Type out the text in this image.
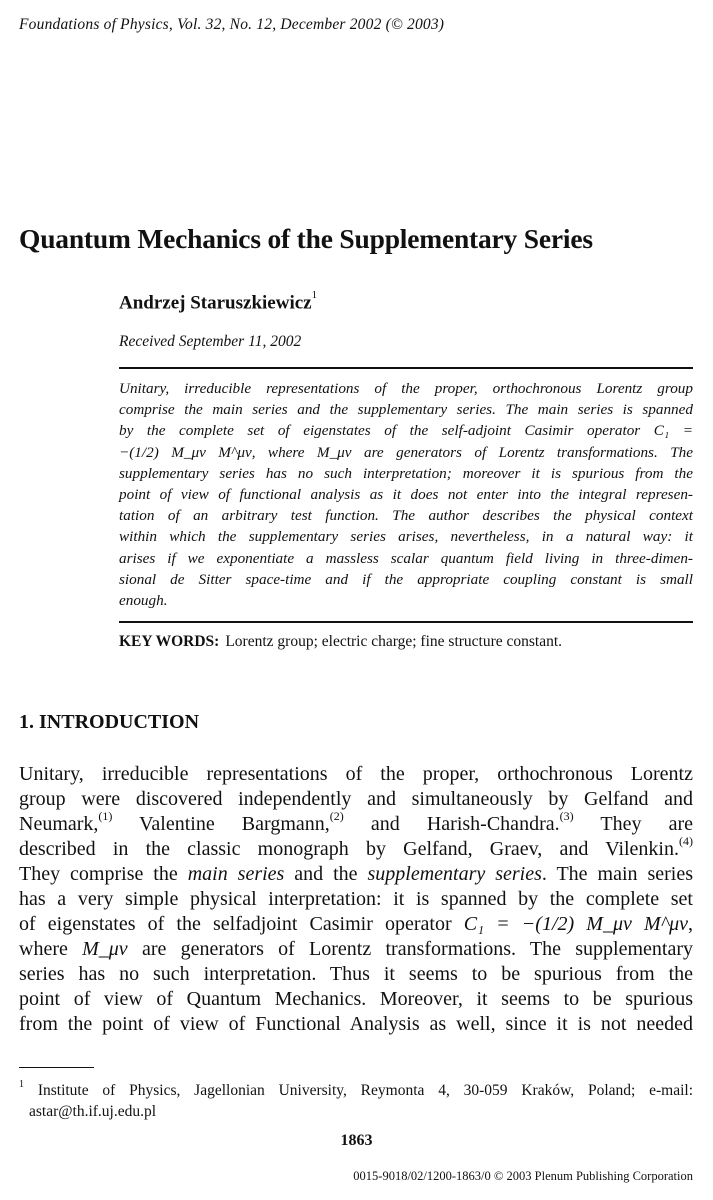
Foundations of Physics, Vol. 32, No. 12, December 2002 (© 2003)
Quantum Mechanics of the Supplementary Series
Andrzej Staruszkiewicz$^1$
Received September 11, 2002
Unitary, irreducible representations of the proper, orthochronous Lorentz group
comprise the main series and the supplementary series. The main series is spanned
by the complete set of eigenstates of the self-adjoint Casimir operator C₁ =
−(1/2) M_μν M^μν, where M_μν are generators of Lorentz transformations. The
supplementary series has no such interpretation; moreover it is spurious from the
point of view of functional analysis as it does not enter into the integral represen-
tation of an arbitrary test function. The author describes the physical context
within which the supplementary series arises, nevertheless, in a natural way: it
arises if we exponentiate a massless scalar quantum field living in three-dimen-
sional de Sitter space-time and if the appropriate coupling constant is small
enough.
KEY WORDS: Lorentz group; electric charge; fine structure constant.
1. INTRODUCTION
Unitary, irreducible representations of the proper, orthochronous Lorentz
group were discovered independently and simultaneously by Gelfand and
Neumark,$^{(1)}$ Valentine Bargmann,$^{(2)}$ and Harish-Chandra.$^{(3)}$ They are
described in the classic monograph by Gelfand, Graev, and Vilenkin.$^{(4)}$
They comprise the main series and the supplementary series. The main series
has a very simple physical interpretation: it is spanned by the complete set
of eigenstates of the selfadjoint Casimir operator C₁ = −(1/2) M_μν M^μν,
where M_μν are generators of Lorentz transformations. The supplementary
series has no such interpretation. Thus it seems to be spurious from the
point of view of Quantum Mechanics. Moreover, it seems to be spurious
from the point of view of Functional Analysis as well, since it is not needed
$^1$ Institute of Physics, Jagellonian University, Reymonta 4, 30-059 Kraków, Poland; e-mail:
astar@th.if.uj.edu.pl
1863
0015-9018/02/1200-1863/0 © 2003 Plenum Publishing Corporation
